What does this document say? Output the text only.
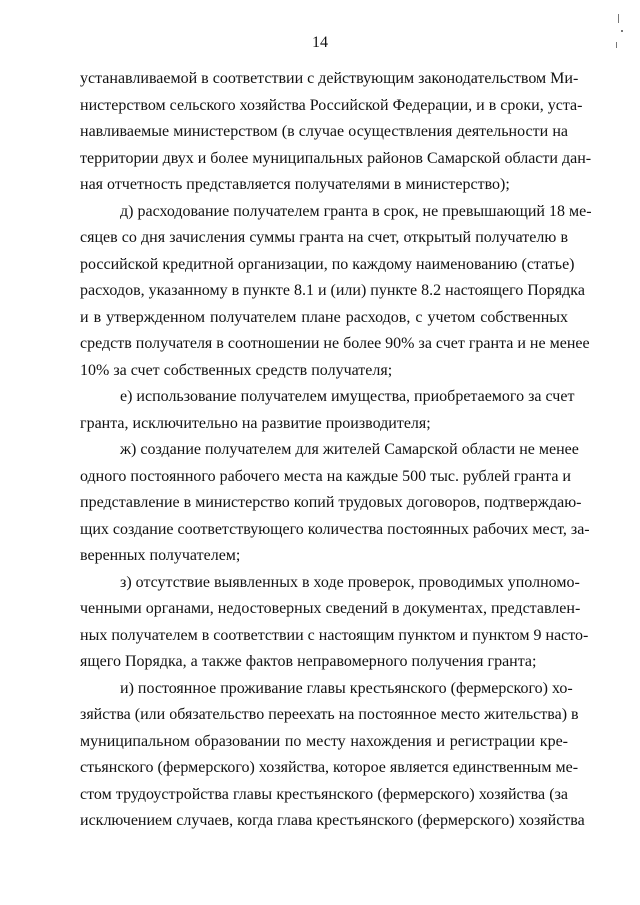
14
устанавливаемой в соответствии с действующим законодательством Ми-
нистерством сельского хозяйства Российской Федерации, и в сроки, уста-
навливаемые министерством (в случае осуществления деятельности на
территории двух и более муниципальных районов Самарской области дан-
ная отчетность представляется получателями в министерство);
д) расходование получателем гранта в срок, не превышающий 18 ме-
сяцев со дня зачисления суммы гранта на счет, открытый получателю в
российской кредитной организации, по каждому наименованию (статье)
расходов, указанному в пункте 8.1 и (или) пункте 8.2 настоящего Порядка
и в утвержденном получателем плане расходов, с учетом собственных
средств получателя в соотношении не более 90% за счет гранта и не менее
10% за счет собственных средств получателя;
е) использование получателем имущества, приобретаемого за счет
гранта, исключительно на развитие производителя;
ж) создание получателем для жителей Самарской области не менее
одного постоянного рабочего места на каждые 500 тыс. рублей гранта и
представление в министерство копий трудовых договоров, подтверждаю-
щих создание соответствующего количества постоянных рабочих мест, за-
веренных получателем;
з) отсутствие выявленных в ходе проверок, проводимых уполномо-
ченными органами, недостоверных сведений в документах, представлен-
ных получателем в соответствии с настоящим пунктом и пунктом 9 насто-
ящего Порядка, а также фактов неправомерного получения гранта;
и) постоянное проживание главы крестьянского (фермерского) хо-
зяйства (или обязательство переехать на постоянное место жительства) в
муниципальном образовании по месту нахождения и регистрации кре-
стьянского (фермерского) хозяйства, которое является единственным ме-
стом трудоустройства главы крестьянского (фермерского) хозяйства (за
исключением случаев, когда глава крестьянского (фермерского) хозяйства
